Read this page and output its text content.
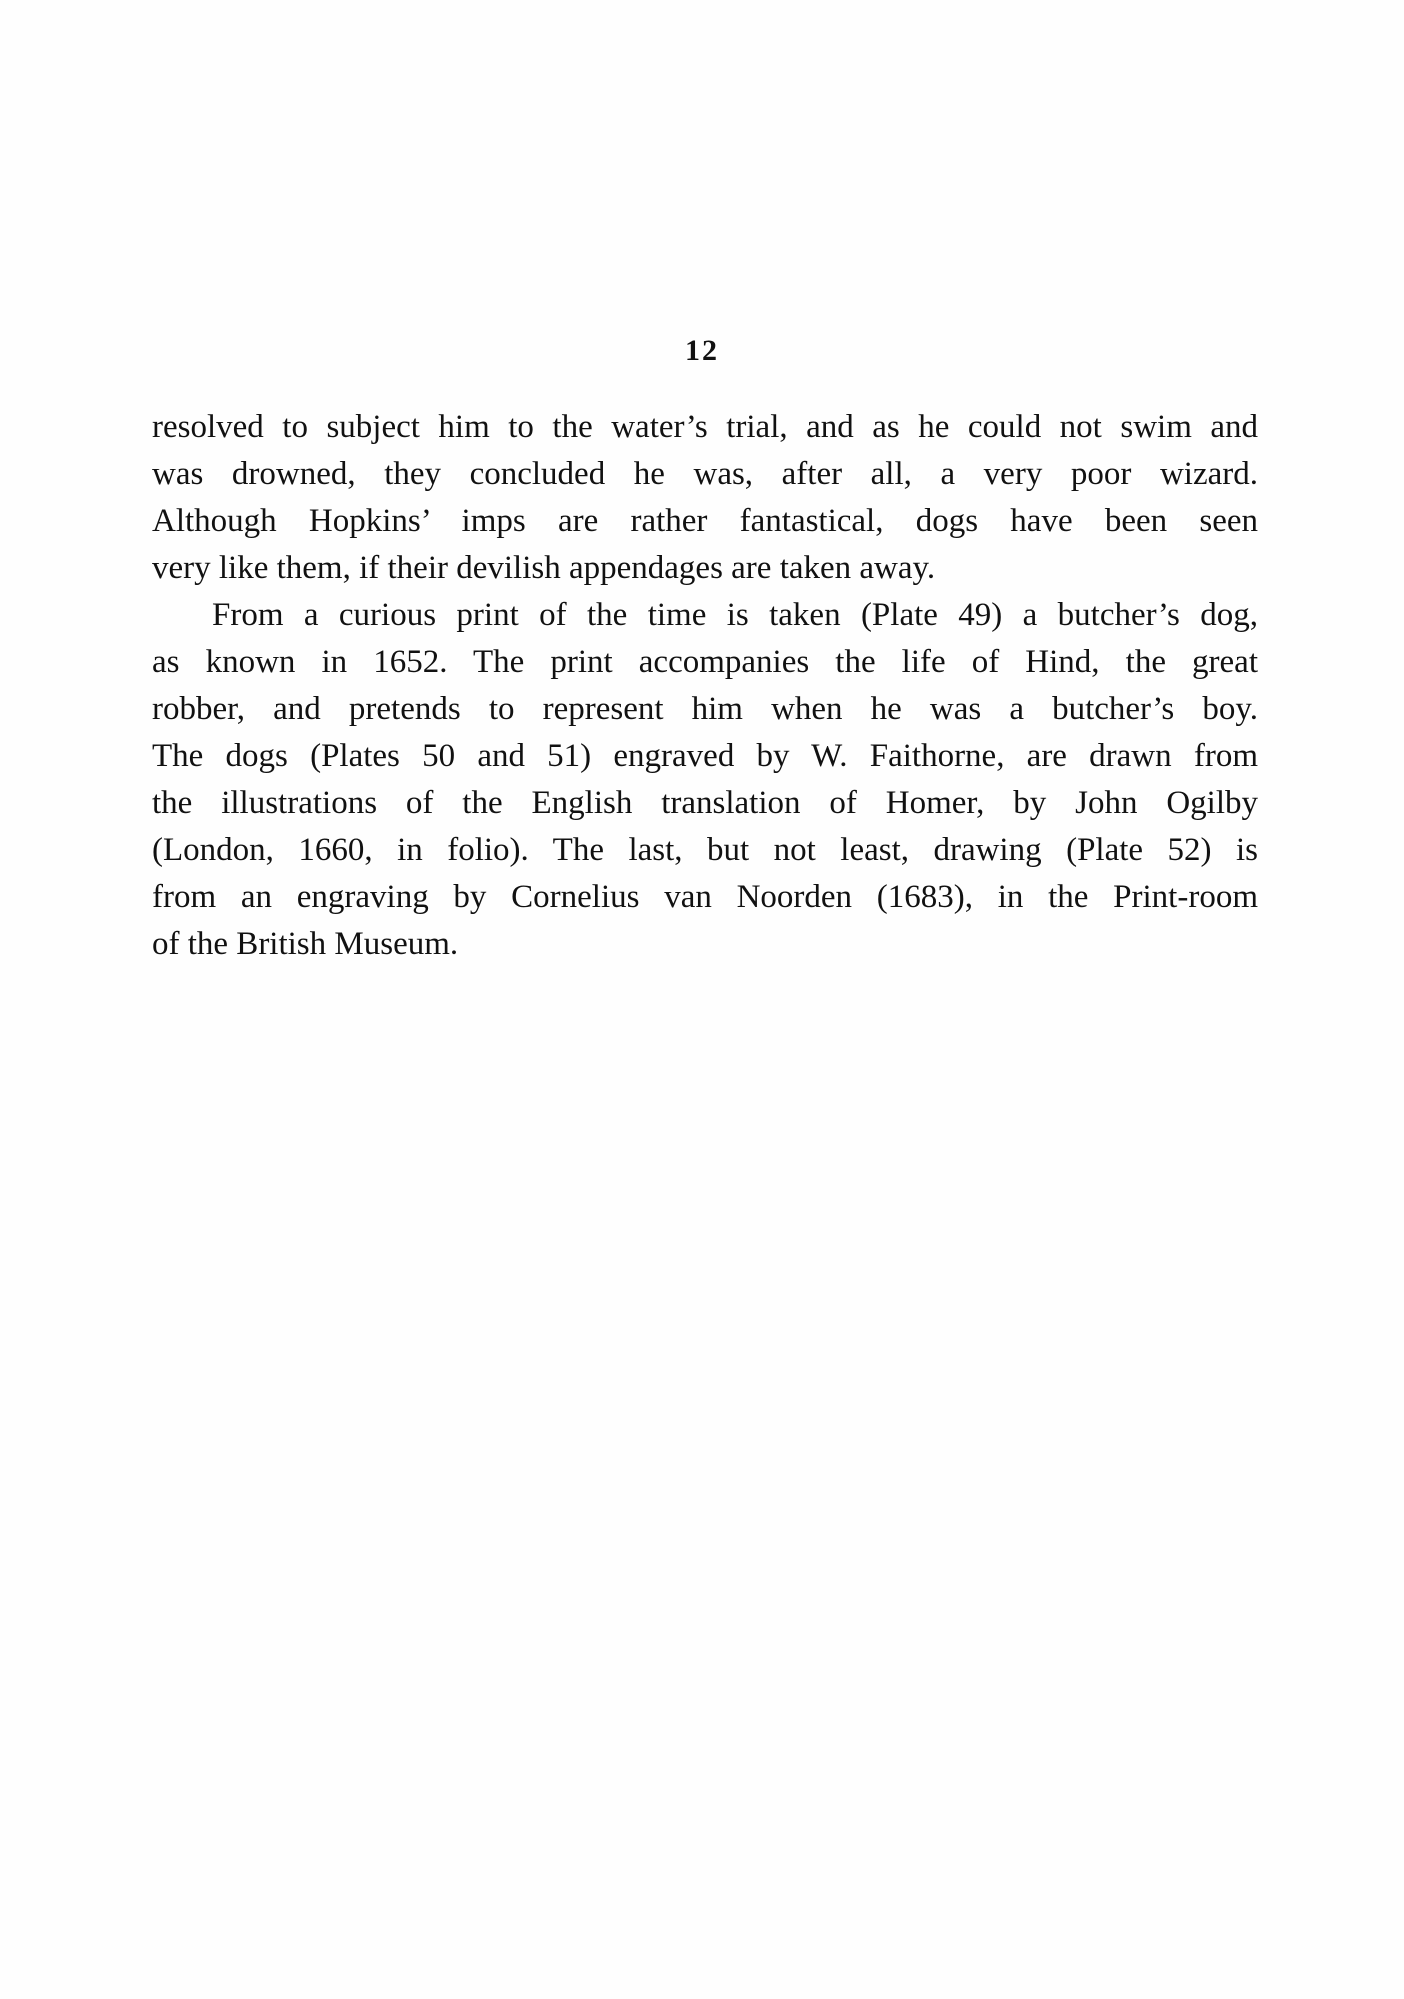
12
resolved to subject him to the water’s trial, and as he could not swim and
was drowned, they concluded he was, after all, a very poor wizard.
Although Hopkins’ imps are rather fantastical, dogs have been seen
very like them, if their devilish appendages are taken away.
From a curious print of the time is taken (Plate 49) a butcher’s dog,
as known in 1652. The print accompanies the life of Hind, the great
robber, and pretends to represent him when he was a butcher’s boy.
The dogs (Plates 50 and 51) engraved by W. Faithorne, are drawn from
the illustrations of the English translation of Homer, by John Ogilby
(London, 1660, in folio). The last, but not least, drawing (Plate 52) is
from an engraving by Cornelius van Noorden (1683), in the Print-room
of the British Museum.
